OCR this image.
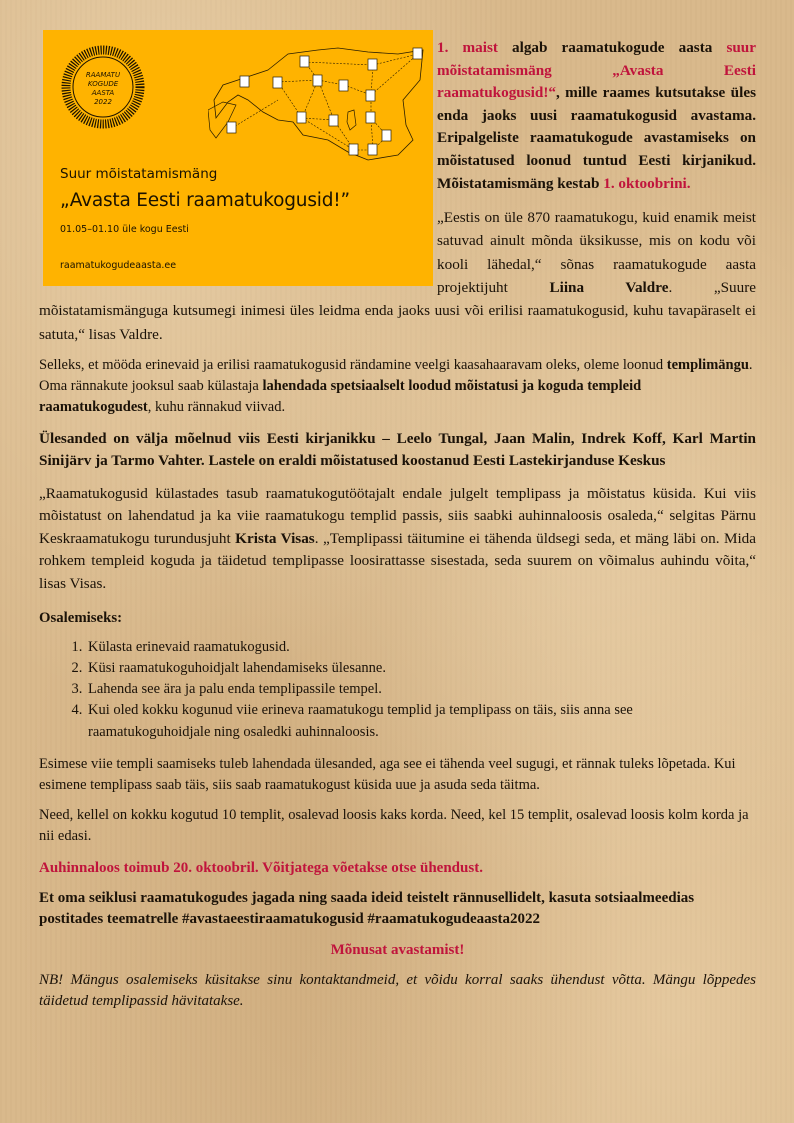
RAAMATU
KOGUDE
AASTA
2022
Suur mõistatamismäng
„Avasta Eesti raamatukogusid!”
01.05–01.10 üle kogu Eesti
raamatukogudeaasta.ee

1. maist algab raamatukogude aasta suur mõistatamismäng „Avasta Eesti raamatukogusid!“, mille raames kutsutakse üles enda jaoks uusi raamatukogusid avastama. Eripalgeliste raamatukogude avastamiseks on mõistatused loonud tuntud Eesti kirjanikud. Mõistatamismäng kestab 1. oktoobrini.

„Eestis on üle 870 raamatukogu, kuid enamik meist satuvad ainult mõnda üksikusse, mis on kodu või kooli lähedal,“ sõnas raamatukogude aasta projektijuht Liina Valdre. „Suure mõistatamismänguga kutsumegi inimesi üles leidma enda jaoks uusi või erilisi raamatukogusid, kuhu tavapäraselt ei satuta,“ lisas Valdre.

Selleks, et mööda erinevaid ja erilisi raamatukogusid rändamine veelgi kaasahaaravam oleks, oleme loonud templimängu. Oma rännakute jooksul saab külastaja lahendada spetsiaalselt loodud mõistatusi ja koguda templeid raamatukogudest, kuhu rännakud viivad.

Ülesanded on välja mõelnud viis Eesti kirjanikku – Leelo Tungal, Jaan Malin, Indrek Koff, Karl Martin Sinijärv ja Tarmo Vahter. Lastele on eraldi mõistatused koostanud Eesti Lastekirjanduse Keskus

„Raamatukogusid külastades tasub raamatukogutöötajalt endale julgelt templipass ja mõistatus küsida. Kui viis mõistatust on lahendatud ja ka viie raamatukogu templid passis, siis saabki auhinnaloosis osaleda,“ selgitas Pärnu Keskraamatukogu turundusjuht Krista Visas. „Templipassi täitumine ei tähenda üldsegi seda, et mäng läbi on. Mida rohkem templeid koguda ja täidetud templipasse loosirattasse sisestada, seda suurem on võimalus auhindu võita,“ lisas Visas.

Osalemiseks:

1. Külasta erinevaid raamatukogusid.
2. Küsi raamatukoguhoidjalt lahendamiseks ülesanne.
3. Lahenda see ära ja palu enda templipassile tempel.
4. Kui oled kokku kogunud viie erineva raamatukogu templid ja templipass on täis, siis anna see raamatukoguhoidjale ning osaledki auhinnaloosis.

Esimese viie templi saamiseks tuleb lahendada ülesanded, aga see ei tähenda veel sugugi, et rännak tuleks lõpetada. Kui esimene templipass saab täis, siis saab raamatukogust küsida uue ja asuda seda täitma.

Need, kellel on kokku kogutud 10 templit, osalevad loosis kaks korda. Need, kel 15 templit, osalevad loosis kolm korda ja nii edasi.

Auhinnaloos toimub 20. oktoobril. Võitjatega võetakse otse ühendust.

Et oma seiklusi raamatukogudes jagada ning saada ideid teistelt rännusellidelt, kasuta sotsiaalmeedias postitades teematrelle #avastaeestiraamatukogusid #raamatukogudeaasta2022

Mõnusat avastamist!

NB! Mängus osalemiseks küsitakse sinu kontaktandmeid, et võidu korral saaks ühendust võtta. Mängu lõppedes täidetud templipassid hävitatakse.
